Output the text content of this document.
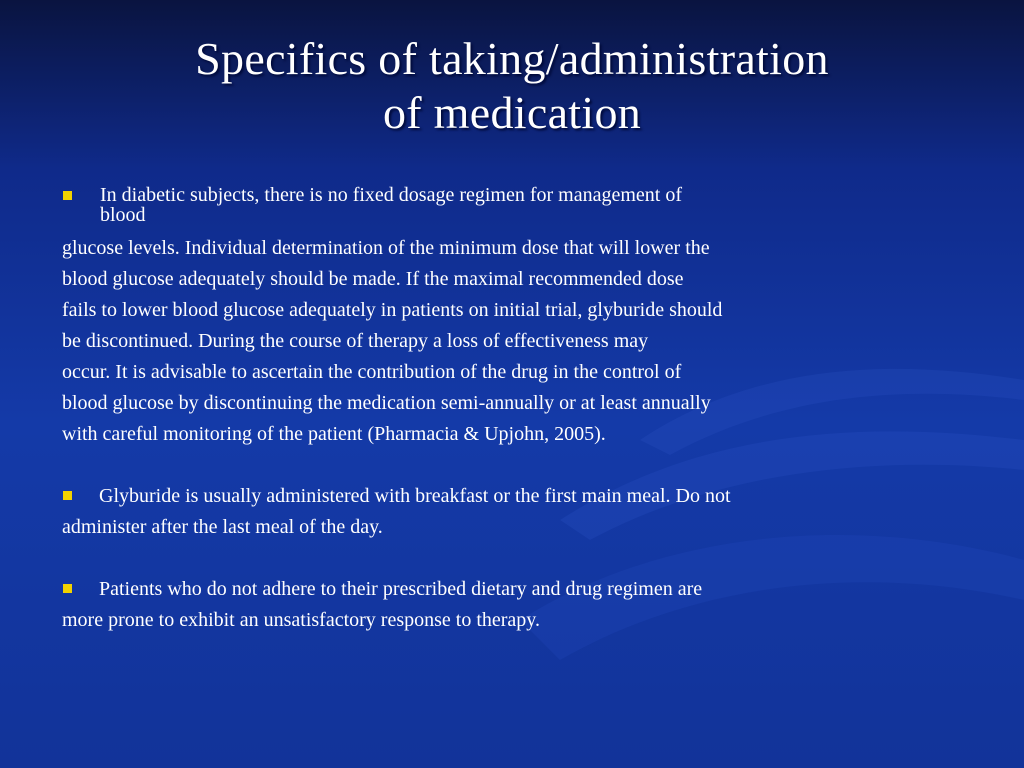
Specifics of taking/administration
of medication
In diabetic subjects, there is no fixed dosage regimen for management of
blood
glucose levels. Individual determination of the minimum dose that will lower the
blood glucose adequately should be made. If the maximal recommended dose
fails to lower blood glucose adequately in patients on initial trial, glyburide should
be discontinued. During the course of therapy a loss of effectiveness may
occur. It is advisable to ascertain the contribution of the drug in the control of
blood glucose by discontinuing the medication semi-annually or at least annually
with careful monitoring of the patient (Pharmacia & Upjohn, 2005).
Glyburide is usually administered with breakfast or the first main meal. Do not
administer after the last meal of the day.
Patients who do not adhere to their prescribed dietary and drug regimen are
more prone to exhibit an unsatisfactory response to therapy.
